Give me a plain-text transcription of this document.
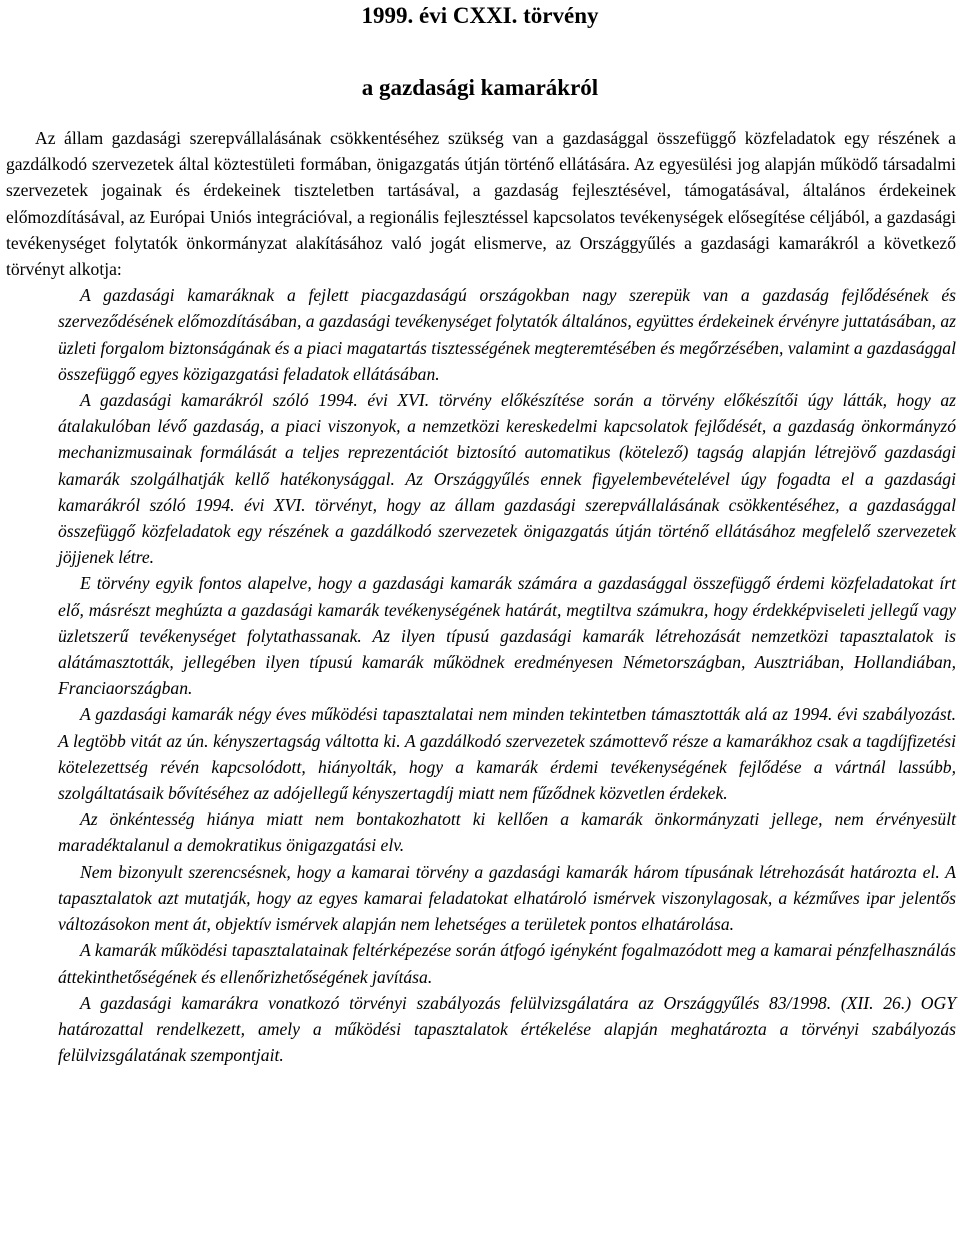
1999. évi CXXI. törvény
a gazdasági kamarákról

Az állam gazdasági szerepvállalásának csökkentéséhez szükség van a gazdasággal összefüggő közfeladatok egy részének a gazdálkodó szervezetek által köztestületi formában, önigazgatás útján történő ellátására. Az egyesülési jog alapján működő társadalmi szervezetek jogainak és érdekeinek tiszteletben tartásával, a gazdaság fejlesztésével, támogatásával, általános érdekeinek előmozdításával, az Európai Uniós integrációval, a regionális fejlesztéssel kapcsolatos tevékenységek elősegítése céljából, a gazdasági tevékenységet folytatók önkormányzat alakításához való jogát elismerve, az Országgyűlés a gazdasági kamarákról a következő törvényt alkotja:

A gazdasági kamaráknak a fejlett piacgazdaságú országokban nagy szerepük van a gazdaság fejlődésének és szerveződésének előmozdításában, a gazdasági tevékenységet folytatók általános, együttes érdekeinek érvényre juttatásában, az üzleti forgalom biztonságának és a piaci magatartás tisztességének megteremtésében és megőrzésében, valamint a gazdasággal összefüggő egyes közigazgatási feladatok ellátásában.

A gazdasági kamarákról szóló 1994. évi XVI. törvény előkészítése során a törvény előkészítői úgy látták, hogy az átalakulóban lévő gazdaság, a piaci viszonyok, a nemzetközi kereskedelmi kapcsolatok fejlődését, a gazdaság önkormányzó mechanizmusainak formálását a teljes reprezentációt biztosító automatikus (kötelező) tagság alapján létrejövő gazdasági kamarák szolgálhatják kellő hatékonysággal. Az Országgyűlés ennek figyelembevételével úgy fogadta el a gazdasági kamarákról szóló 1994. évi XVI. törvényt, hogy az állam gazdasági szerepvállalásának csökkentéséhez, a gazdasággal összefüggő közfeladatok egy részének a gazdálkodó szervezetek önigazgatás útján történő ellátásához megfelelő szervezetek jöjjenek létre.

E törvény egyik fontos alapelve, hogy a gazdasági kamarák számára a gazdasággal összefüggő érdemi közfeladatokat írt elő, másrészt meghúzta a gazdasági kamarák tevékenységének határát, megtiltva számukra, hogy érdekképviseleti jellegű vagy üzletszerű tevékenységet folytathassanak. Az ilyen típusú gazdasági kamarák létrehozását nemzetközi tapasztalatok is alátámasztották, jellegében ilyen típusú kamarák működnek eredményesen Németországban, Ausztriában, Hollandiában, Franciaországban.

A gazdasági kamarák négy éves működési tapasztalatai nem minden tekintetben támasztották alá az 1994. évi szabályozást. A legtöbb vitát az ún. kényszertagság váltotta ki. A gazdálkodó szervezetek számottevő része a kamarákhoz csak a tagdíjfizetési kötelezettség révén kapcsolódott, hiányolták, hogy a kamarák érdemi tevékenységének fejlődése a vártnál lassúbb, szolgáltatásaik bővítéséhez az adójellegű kényszertagdíj miatt nem fűződnek közvetlen érdekek.

Az önkéntesség hiánya miatt nem bontakozhatott ki kellően a kamarák önkormányzati jellege, nem érvényesült maradéktalanul a demokratikus önigazgatási elv.

Nem bizonyult szerencsésnek, hogy a kamarai törvény a gazdasági kamarák három típusának létrehozását határozta el. A tapasztalatok azt mutatják, hogy az egyes kamarai feladatokat elhatároló ismérvek viszonylagosak, a kézműves ipar jelentős változásokon ment át, objektív ismérvek alapján nem lehetséges a területek pontos elhatárolása.

A kamarák működési tapasztalatainak feltérképezése során átfogó igényként fogalmazódott meg a kamarai pénzfelhasználás áttekinthetőségének és ellenőrizhetőségének javítása.

A gazdasági kamarákra vonatkozó törvényi szabályozás felülvizsgálatára az Országgyűlés 83/1998. (XII. 26.) OGY határozattal rendelkezett, amely a működési tapasztalatok értékelése alapján meghatározta a törvényi szabályozás felülvizsgálatának szempontjait.
